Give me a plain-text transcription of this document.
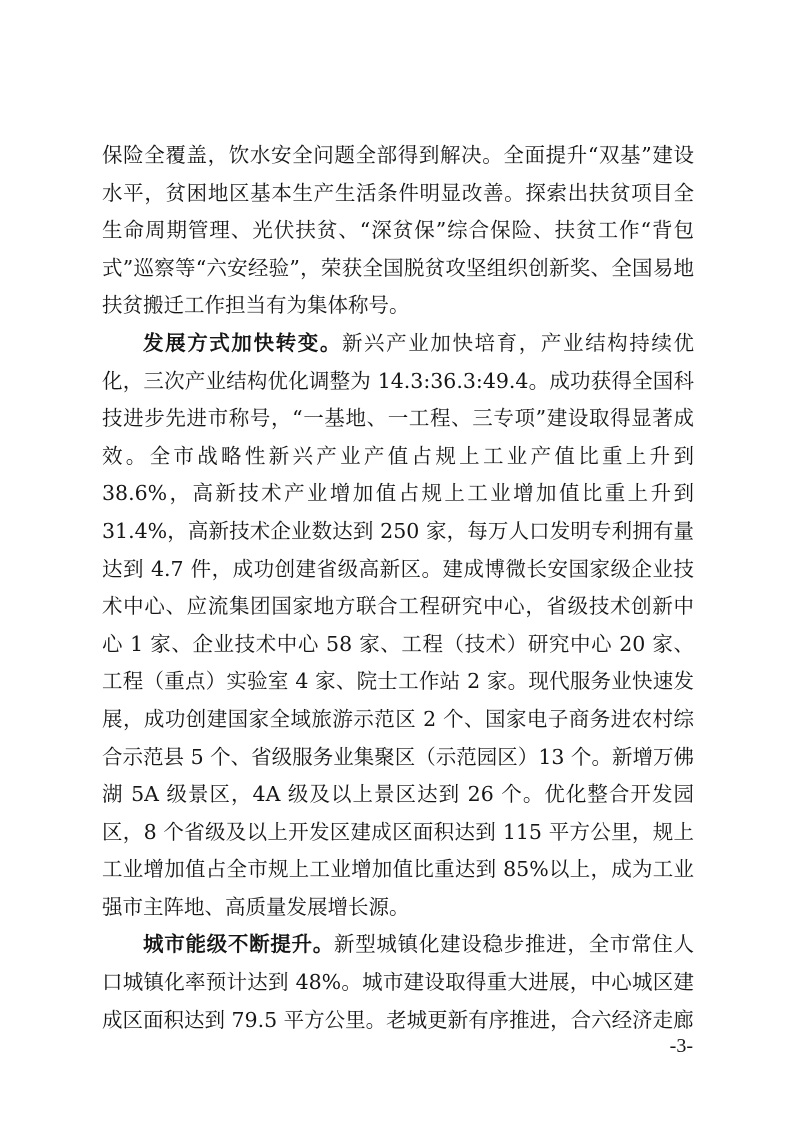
保险全覆盖，饮水安全问题全部得到解决。全面提升“双基”建设水平，贫困地区基本生产生活条件明显改善。探索出扶贫项目全生命周期管理、光伏扶贫、“深贫保”综合保险、扶贫工作“背包式”巡察等“六安经验”，荣获全国脱贫攻坚组织创新奖、全国易地扶贫搬迁工作担当有为集体称号。

发展方式加快转变。新兴产业加快培育，产业结构持续优化，三次产业结构优化调整为 14.3:36.3:49.4。成功获得全国科技进步先进市称号，“一基地、一工程、三专项”建设取得显著成效。全市战略性新兴产业产值占规上工业产值比重上升到 38.6%，高新技术产业增加值占规上工业增加值比重上升到 31.4%，高新技术企业数达到 250 家，每万人口发明专利拥有量达到 4.7 件，成功创建省级高新区。建成博微长安国家级企业技术中心、应流集团国家地方联合工程研究中心，省级技术创新中心 1 家、企业技术中心 58 家、工程（技术）研究中心 20 家、工程（重点）实验室 4 家、院士工作站 2 家。现代服务业快速发展，成功创建国家全域旅游示范区 2 个、国家电子商务进农村综合示范县 5 个、省级服务业集聚区（示范园区）13 个。新增万佛湖 5A 级景区，4A 级及以上景区达到 26 个。优化整合开发园区，8 个省级及以上开发区建成区面积达到 115 平方公里，规上工业增加值占全市规上工业增加值比重达到 85%以上，成为工业强市主阵地、高质量发展增长源。

城市能级不断提升。新型城镇化建设稳步推进，全市常住人口城镇化率预计达到 48%。城市建设取得重大进展，中心城区建成区面积达到 79.5 平方公里。老城更新有序推进，合六经济走廊

-3-
